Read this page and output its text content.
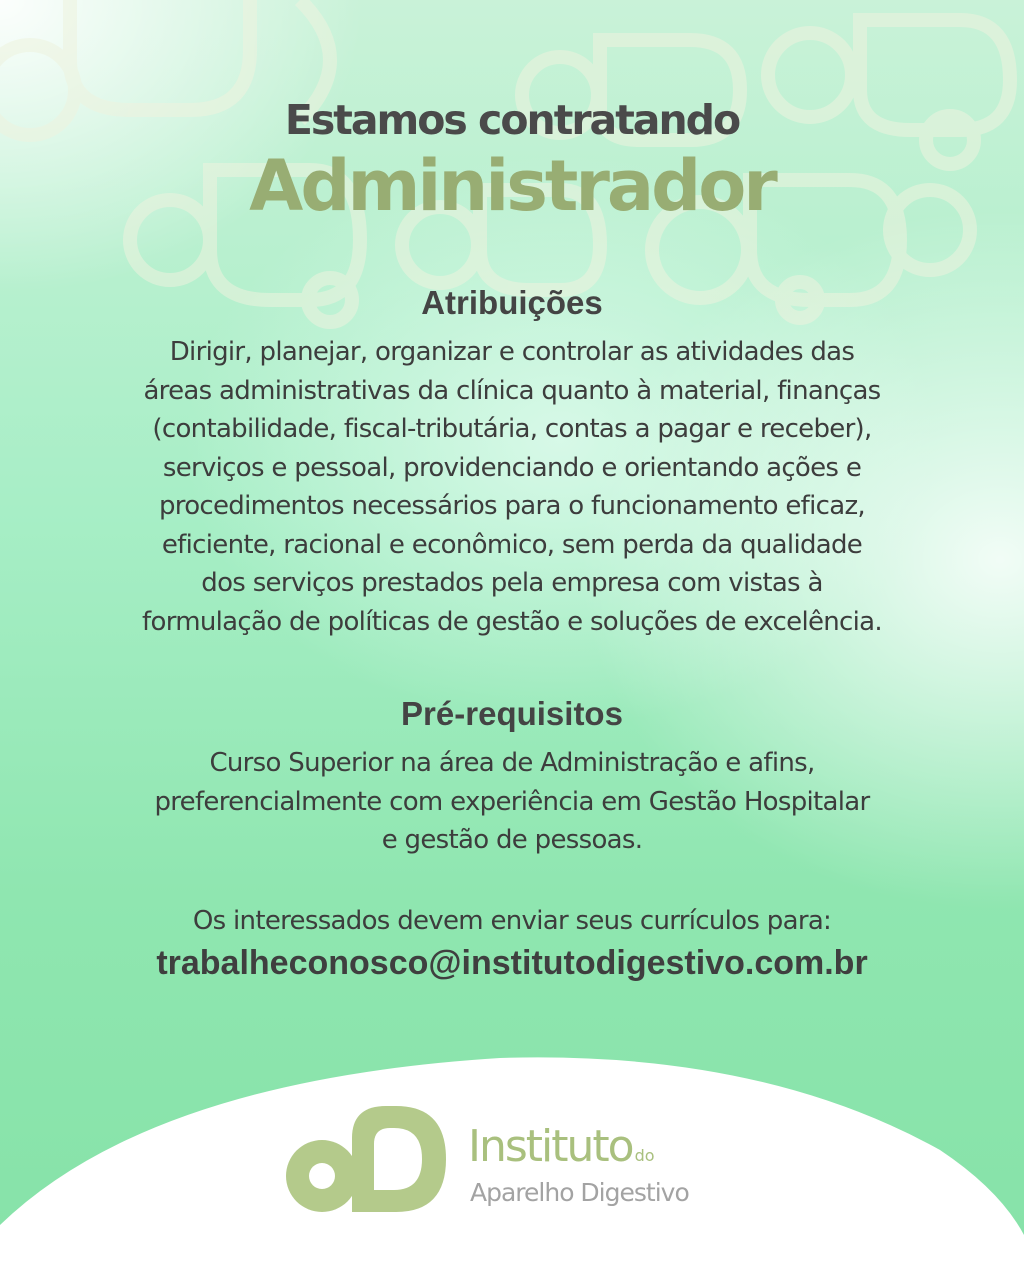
Estamos contratando
Administrador
Atribuições
Dirigir, planejar, organizar e controlar as atividades das
áreas administrativas da clínica quanto à material, finanças
(contabilidade, fiscal-tributária, contas a pagar e receber),
serviços e pessoal, providenciando e orientando ações e
procedimentos necessários para o funcionamento eficaz,
eficiente, racional e econômico, sem perda da qualidade
dos serviços prestados pela empresa com vistas à
formulação de políticas de gestão e soluções de excelência.
Pré-requisitos
Curso Superior na área de Administração e afins,
preferencialmente com experiência em Gestão Hospitalar
e gestão de pessoas.
Os interessados devem enviar seus currículos para:
trabalheconosco@institutodigestivo.com.br
Instituto do
Aparelho Digestivo
